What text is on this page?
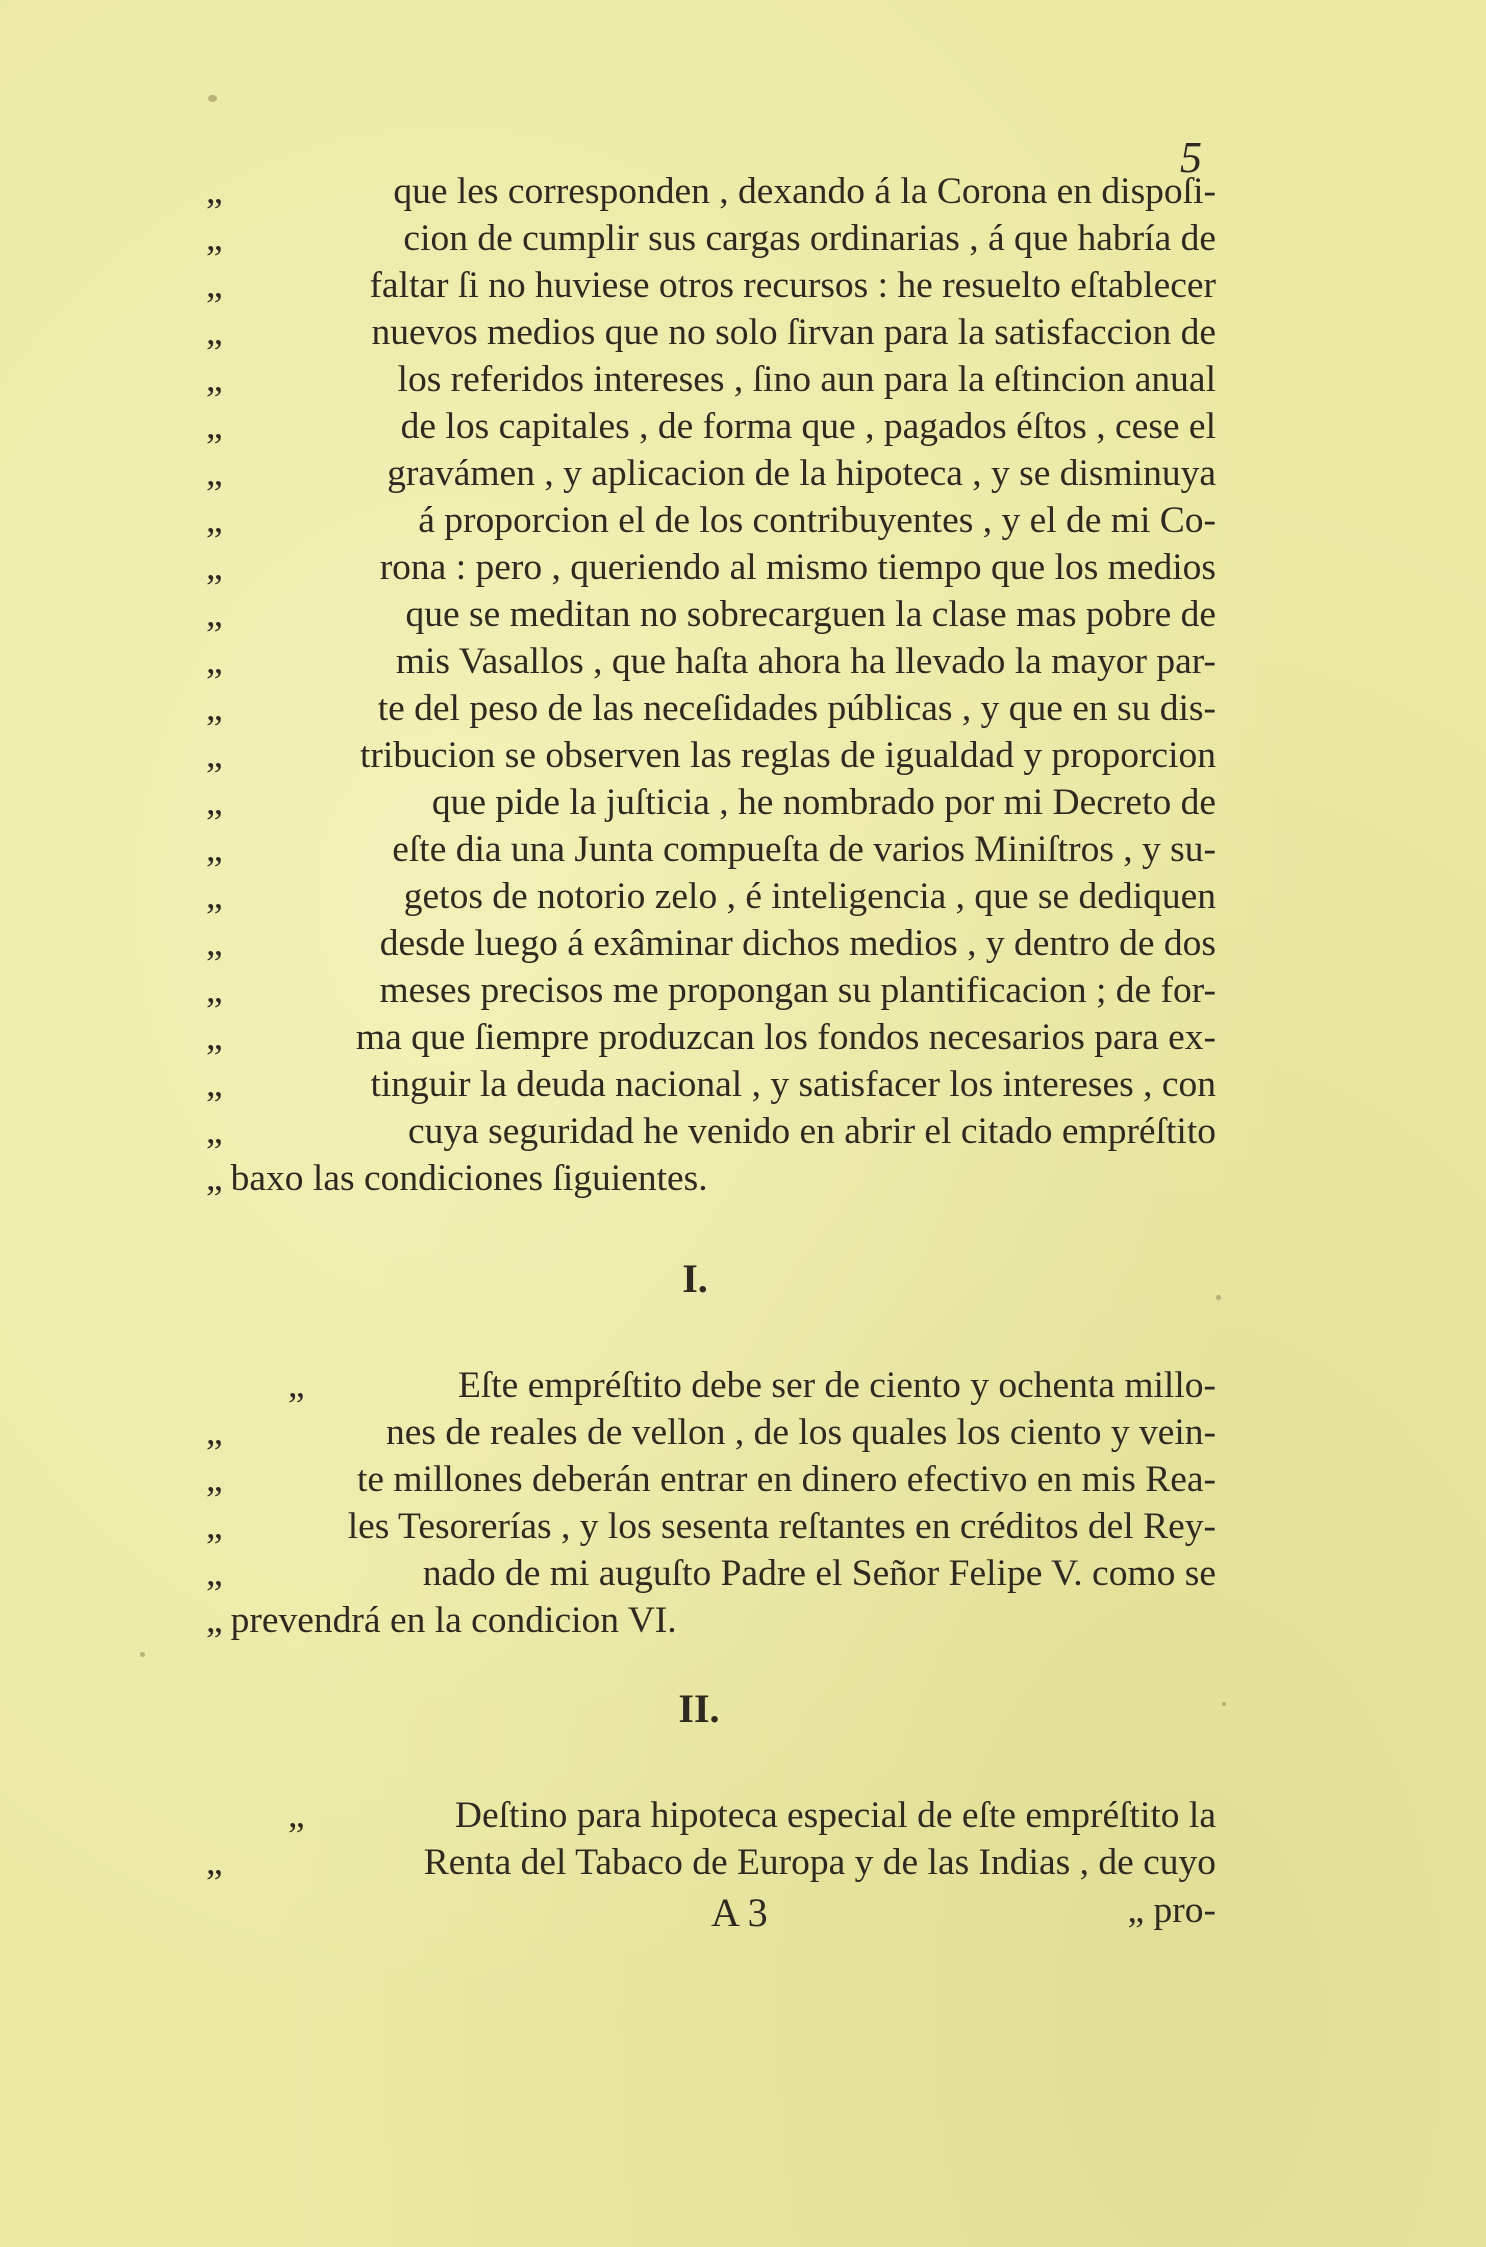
5
„	que les corresponden , dexando á la Corona en dispoſi-
„	cion de cumplir sus cargas ordinarias , á que habría de
„	faltar ſi no huviese otros recursos : he resuelto eſtablecer
„	nuevos medios que no solo ſirvan para la satisfaccion de
„	los referidos intereses , ſino aun para la eſtincion anual
„	de los capitales , de forma que , pagados éſtos , cese el
„	gravámen , y aplicacion de la hipoteca , y se disminuya
„	á proporcion el de los contribuyentes , y el de mi Co-
„	rona : pero , queriendo al mismo tiempo que los medios
„	que se meditan no sobrecarguen la clase mas pobre de
„	mis Vasallos , que haſta ahora ha llevado la mayor par-
„	te del peso de las neceſidades públicas , y que en su dis-
„	tribucion se observen las reglas de igualdad y proporcion
„	que pide la juſticia , he nombrado por mi Decreto de
„	eſte dia una Junta compueſta de varios Miniſtros , y su-
„	getos de notorio zelo , é inteligencia , que se dediquen
„	desde luego á exâminar dichos medios , y dentro de dos
„	meses precisos me propongan su plantificacion ; de for-
„	ma que ſiempre produzcan los fondos necesarios para ex-
„	tinguir la deuda nacional , y satisfacer los intereses , con
„	cuya seguridad he venido en abrir el citado empréſtito
„ baxo las condiciones ſiguientes.
I.
„	Eſte empréſtito debe ser de ciento y ochenta millo-
„	nes de reales de vellon , de los quales los ciento y vein-
„	te millones deberán entrar en dinero efectivo en mis Rea-
„	les Tesorerías , y los sesenta reſtantes en créditos del Rey-
„	nado de mi auguſto Padre el Señor Felipe V. como se
„ prevendrá en la condicion VI.
II.
„	Deſtino para hipoteca especial de eſte empréſtito la
„	Renta del Tabaco de Europa y de las Indias , de cuyo
A 3	„ pro-
